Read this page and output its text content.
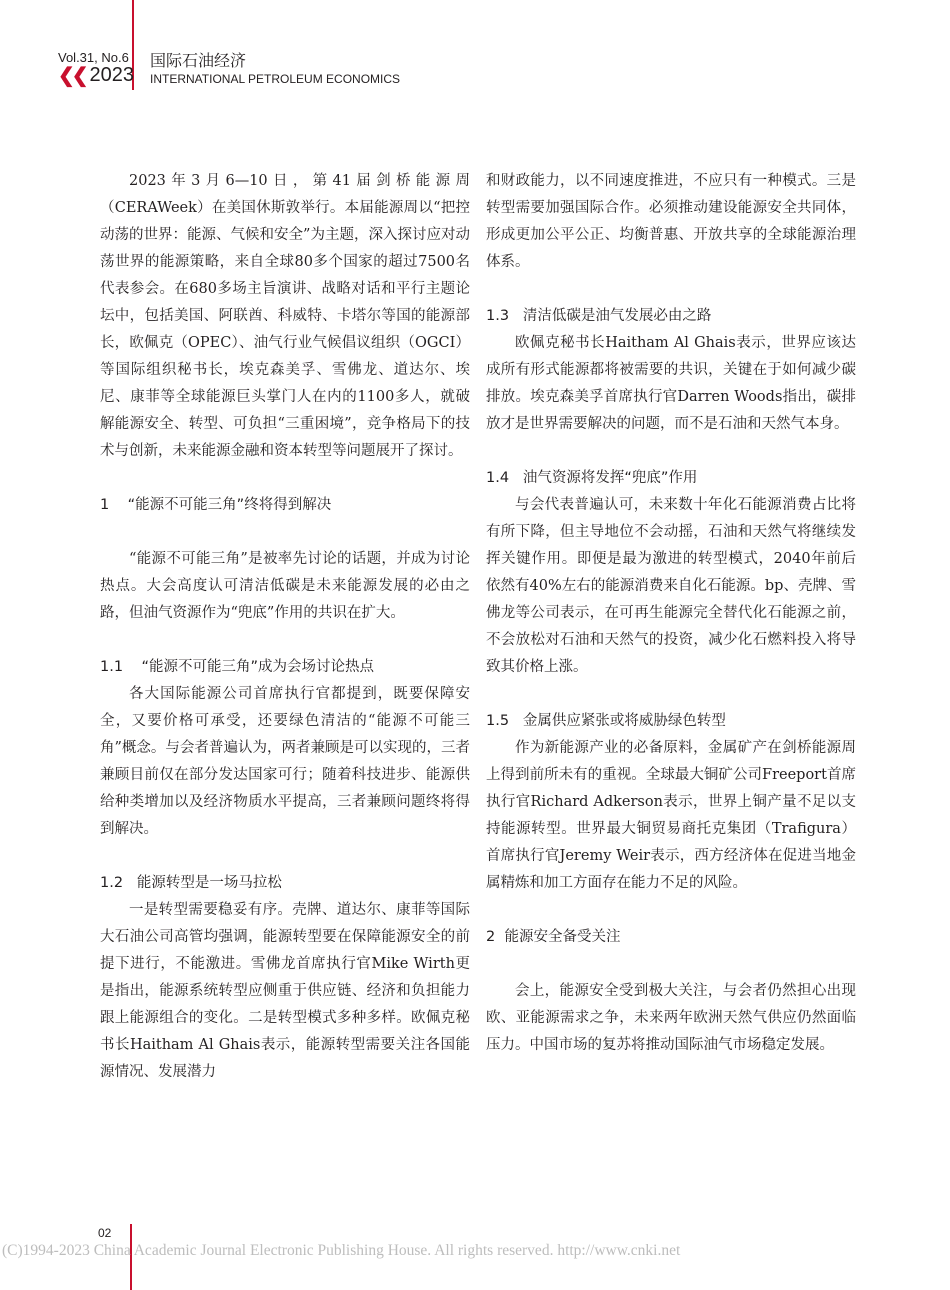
Vol.31, No.6
❮❮ 2023
国际石油经济
INTERNATIONAL PETROLEUM ECONOMICS

2023年3月6—10日，第41届剑桥能源周（CERAWeek）在美国休斯敦举行。本届能源周以“把控动荡的世界：能源、气候和安全”为主题，深入探讨应对动荡世界的能源策略，来自全球80多个国家的超过7500名代表参会。在680多场主旨演讲、战略对话和平行主题论坛中，包括美国、阿联酋、科威特、卡塔尔等国的能源部长，欧佩克（OPEC）、油气行业气候倡议组织（OGCI）等国际组织秘书长，埃克森美孚、雪佛龙、道达尔、埃尼、康菲等全球能源巨头掌门人在内的1100多人，就破解能源安全、转型、可负担“三重困境”，竞争格局下的技术与创新，未来能源金融和资本转型等问题展开了探讨。

1 “能源不可能三角”终将得到解决

“能源不可能三角”是被率先讨论的话题，并成为讨论热点。大会高度认可清洁低碳是未来能源发展的必由之路，但油气资源作为“兜底”作用的共识在扩大。

1.1 “能源不可能三角”成为会场讨论热点

各大国际能源公司首席执行官都提到，既要保障安全，又要价格可承受，还要绿色清洁的“能源不可能三角”概念。与会者普遍认为，两者兼顾是可以实现的，三者兼顾目前仅在部分发达国家可行；随着科技进步、能源供给种类增加以及经济物质水平提高，三者兼顾问题终将得到解决。

1.2 能源转型是一场马拉松

一是转型需要稳妥有序。壳牌、道达尔、康菲等国际大石油公司高管均强调，能源转型要在保障能源安全的前提下进行，不能激进。雪佛龙首席执行官Mike Wirth更是指出，能源系统转型应侧重于供应链、经济和负担能力跟上能源组合的变化。二是转型模式多种多样。欧佩克秘书长Haitham Al Ghais表示，能源转型需要关注各国能源情况、发展潜力

和财政能力，以不同速度推进，不应只有一种模式。三是转型需要加强国际合作。必须推动建设能源安全共同体，形成更加公平公正、均衡普惠、开放共享的全球能源治理体系。

1.3 清洁低碳是油气发展必由之路

欧佩克秘书长Haitham Al Ghais表示，世界应该达成所有形式能源都将被需要的共识，关键在于如何减少碳排放。埃克森美孚首席执行官Darren Woods指出，碳排放才是世界需要解决的问题，而不是石油和天然气本身。

1.4 油气资源将发挥“兜底”作用

与会代表普遍认可，未来数十年化石能源消费占比将有所下降，但主导地位不会动摇，石油和天然气将继续发挥关键作用。即便是最为激进的转型模式，2040年前后依然有40%左右的能源消费来自化石能源。bp、壳牌、雪佛龙等公司表示，在可再生能源完全替代化石能源之前，不会放松对石油和天然气的投资，减少化石燃料投入将导致其价格上涨。

1.5 金属供应紧张或将威胁绿色转型

作为新能源产业的必备原料，金属矿产在剑桥能源周上得到前所未有的重视。全球最大铜矿公司Freeport首席执行官Richard Adkerson表示，世界上铜产量不足以支持能源转型。世界最大铜贸易商托克集团（Trafigura）首席执行官Jeremy Weir表示，西方经济体在促进当地金属精炼和加工方面存在能力不足的风险。

2 能源安全备受关注

会上，能源安全受到极大关注，与会者仍然担心出现欧、亚能源需求之争，未来两年欧洲天然气供应仍然面临压力。中国市场的复苏将推动国际油气市场稳定发展。

02
(C)1994-2023 China Academic Journal Electronic Publishing House. All rights reserved. http://www.cnki.net
